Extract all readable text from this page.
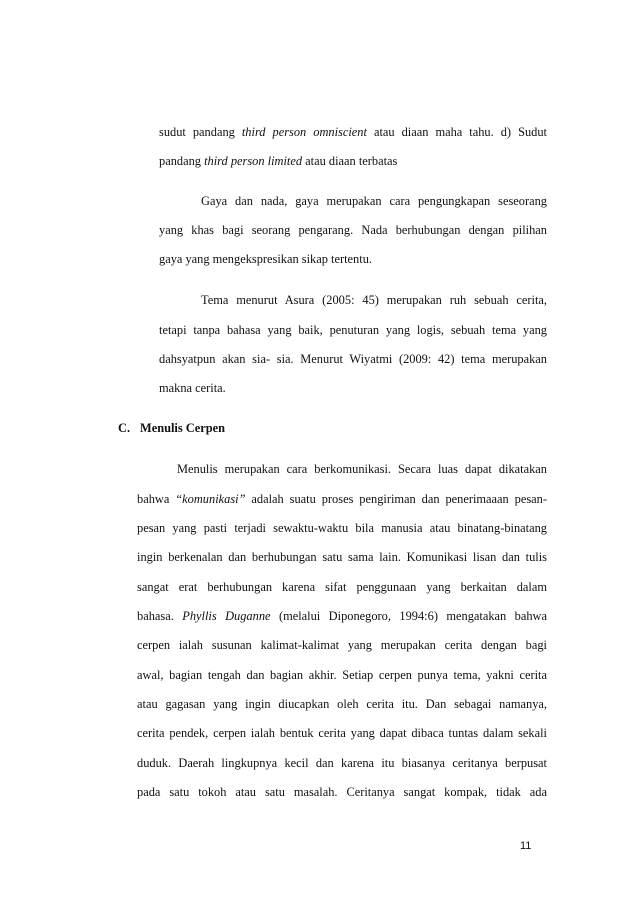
sudut pandang third person omniscient atau diaan maha tahu. d) Sudut
pandang third person limited atau diaan terbatas
Gaya dan nada, gaya merupakan cara pengungkapan seseorang
yang khas bagi seorang pengarang. Nada berhubungan dengan pilihan
gaya yang mengekspresikan sikap tertentu.
Tema menurut Asura (2005: 45) merupakan ruh sebuah cerita,
tetapi tanpa bahasa yang baik, penuturan yang logis, sebuah tema yang
dahsyatpun akan sia- sia. Menurut Wiyatmi (2009: 42) tema merupakan
makna cerita.
C. Menulis Cerpen
Menulis merupakan cara berkomunikasi. Secara luas dapat dikatakan
bahwa “komunikasi” adalah suatu proses pengiriman dan penerimaaan pesan-
pesan yang pasti terjadi sewaktu-waktu bila manusia atau binatang-binatang
ingin berkenalan dan berhubungan satu sama lain. Komunikasi lisan dan tulis
sangat erat berhubungan karena sifat penggunaan yang berkaitan dalam
bahasa. Phyllis Duganne (melalui Diponegoro, 1994:6) mengatakan bahwa
cerpen ialah susunan kalimat-kalimat yang merupakan cerita dengan bagi
awal, bagian tengah dan bagian akhir. Setiap cerpen punya tema, yakni cerita
atau gagasan yang ingin diucapkan oleh cerita itu. Dan sebagai namanya,
cerita pendek, cerpen ialah bentuk cerita yang dapat dibaca tuntas dalam sekali
duduk. Daerah lingkupnya kecil dan karena itu biasanya ceritanya berpusat
pada satu tokoh atau satu masalah. Ceritanya sangat kompak, tidak ada
11
